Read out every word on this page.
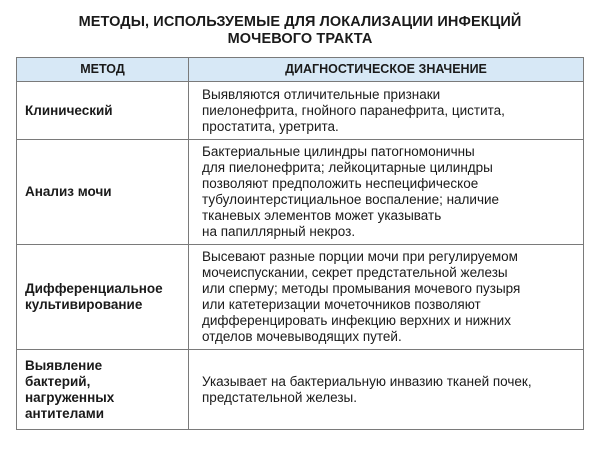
МЕТОДЫ, ИСПОЛЬЗУЕМЫЕ ДЛЯ ЛОКАЛИЗАЦИИ ИНФЕКЦИЙ
МОЧЕВОГО ТРАКТА
МЕТОД	ДИАГНОСТИЧЕСКОЕ ЗНАЧЕНИЕ
Клинический
Выявляются отличительные признаки
пиелонефрита, гнойного паранефрита, цистита,
простатита, уретрита.
Анализ мочи
Бактериальные цилиндры патогномоничны
для пиелонефрита; лейкоцитарные цилиндры
позволяют предположить неспецифическое
тубулоинтерстициальное воспаление; наличие
тканевых элементов может указывать
на папиллярный некроз.
Дифференциальное
культивирование
Высевают разные порции мочи при регулируемом
мочеиспускании, секрет предстательной железы
или сперму; методы промывания мочевого пузыря
или катетеризации мочеточников позволяют
дифференцировать инфекцию верхних и нижних
отделов мочевыводящих путей.
Выявление
бактерий,
нагруженных
антителами
Указывает на бактериальную инвазию тканей почек,
предстательной железы.
